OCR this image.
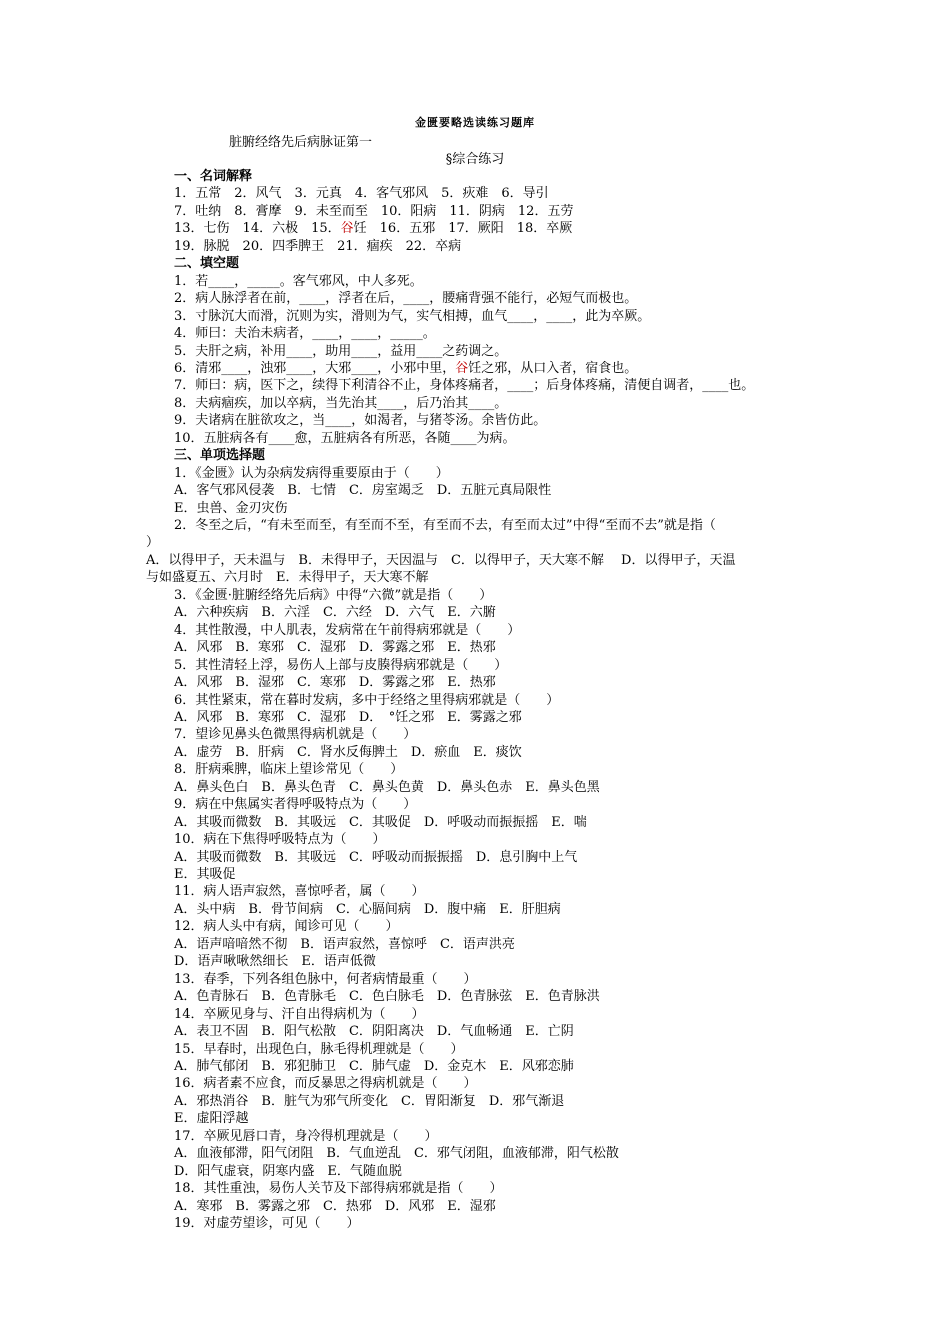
金匮要略选读练习题库
脏腑经络先后病脉证第一
§综合练习
一、名词解释
1．五常　2．风气　3．元真　4．客气邪风　5．疢难　6．导引
7．吐纳　8．膏摩　9．未至而至　10．阳病　11．阴病　12．五劳
13．七伤　14．六极　15．谷饪　16．五邪　17．厥阳　18．卒厥
19．脉脱　20．四季脾王　21．痼疾　22．卒病
二、填空题
1．若____，_____。客气邪风，中人多死。
2．病人脉浮者在前，____，浮者在后，____，腰痛背强不能行，必短气而极也。
3．寸脉沉大而滑，沉则为实，滑则为气，实气相搏，血气____，____，此为卒厥。
4．师曰：夫治未病者，____，____，_____。
5．夫肝之病，补用____，助用____，益用____之药调之。
6．清邪____，浊邪____，大邪____，小邪中里，谷饪之邪，从口入者，宿食也。
7．师曰：病，医下之，续得下利清谷不止，身体疼痛者，____；后身体疼痛，清便自调者，____也。
8．夫病痼疾，加以卒病，当先治其____，后乃治其____。
9．夫诸病在脏欲攻之，当____，如渴者，与猪苓汤。余皆仿此。
10．五脏病各有____愈，五脏病各有所恶，各随____为病。
三、单项选择题
1．《金匮》认为杂病发病得重要原由于（　　）
A．客气邪风侵袭　B．七情　C．房室竭乏　D．五脏元真局限性
E．虫兽、金刃灾伤
2．冬至之后，“有未至而至，有至而不至，有至而不去，有至而太过”中得“至而不去”就是指（
）
A．以得甲子，天未温与　B．未得甲子，天因温与　C．以得甲子，天大寒不解　 D．以得甲子，天温
与如盛夏五、六月时　E．未得甲子，天大寒不解
3．《金匮·脏腑经络先后病》中得“六微”就是指（　　）
A．六种疾病　B．六淫　C．六经　D．六气　E．六腑
4．其性散漫，中人肌表，发病常在午前得病邪就是（　　）
A．风邪　B．寒邪　C．湿邪　D．雾露之邪　E．热邪
5．其性清轻上浮，易伤人上部与皮腠得病邪就是（　　）
A．风邪　B．湿邪　C．寒邪　D．雾露之邪　E．热邪
6．其性紧束，常在暮时发病，多中于经络之里得病邪就是（　　）
A．风邪　B．寒邪　C．湿邪　D．　°饪之邪　E．雾露之邪
7．望诊见鼻头色微黑得病机就是（　　）
A．虚劳　B．肝病　C．肾水反侮脾土　D．瘀血　E．痰饮
8．肝病乘脾，临床上望诊常见（　　）
A．鼻头色白　B．鼻头色青　C．鼻头色黄　D．鼻头色赤　E．鼻头色黑
9．病在中焦属实者得呼吸特点为（　　）
A．其吸而微数　B．其吸远　C．其吸促　D．呼吸动而振振摇　E．喘
10．病在下焦得呼吸特点为（　　）
A．其吸而微数　B．其吸远　C．呼吸动而振振摇　D．息引胸中上气
E．其吸促
11．病人语声寂然，喜惊呼者，属（　　）
A．头中病　B．骨节间病　C．心膈间病　D．腹中痛　E．肝胆病
12．病人头中有病，闻诊可见（　　）
A．语声喑喑然不彻　B．语声寂然，喜惊呼　C．语声洪亮
D．语声啾啾然细长　E．语声低微
13．春季，下列各组色脉中，何者病情最重（　　）
A．色青脉石　B．色青脉毛　C．色白脉毛　D．色青脉弦　E．色青脉洪
14．卒厥见身与、汗自出得病机为（　　）
A．表卫不固　B．阳气松散　C．阴阳离决　D．气血畅通　E．亡阴
15．早春时，出现色白，脉毛得机理就是（　　）
A．肺气郁闭　B．邪犯肺卫　C．肺气虚　D．金克木　E．风邪恋肺
16．病者素不应食，而反暴思之得病机就是（　　）
A．邪热消谷　B．脏气为邪气所变化　C．胃阳渐复　D．邪气渐退
E．虚阳浮越
17．卒厥见唇口青，身冷得机理就是（　　）
A．血液郁滞，阳气闭阻　B．气血逆乱　C．邪气闭阻，血液郁滞，阳气松散
D．阳气虚衰，阴寒内盛　E．气随血脱
18．其性重浊，易伤人关节及下部得病邪就是指（　　）
A．寒邪　B．雾露之邪　C．热邪　D．风邪　E．湿邪
19．对虚劳望诊，可见（　　）
